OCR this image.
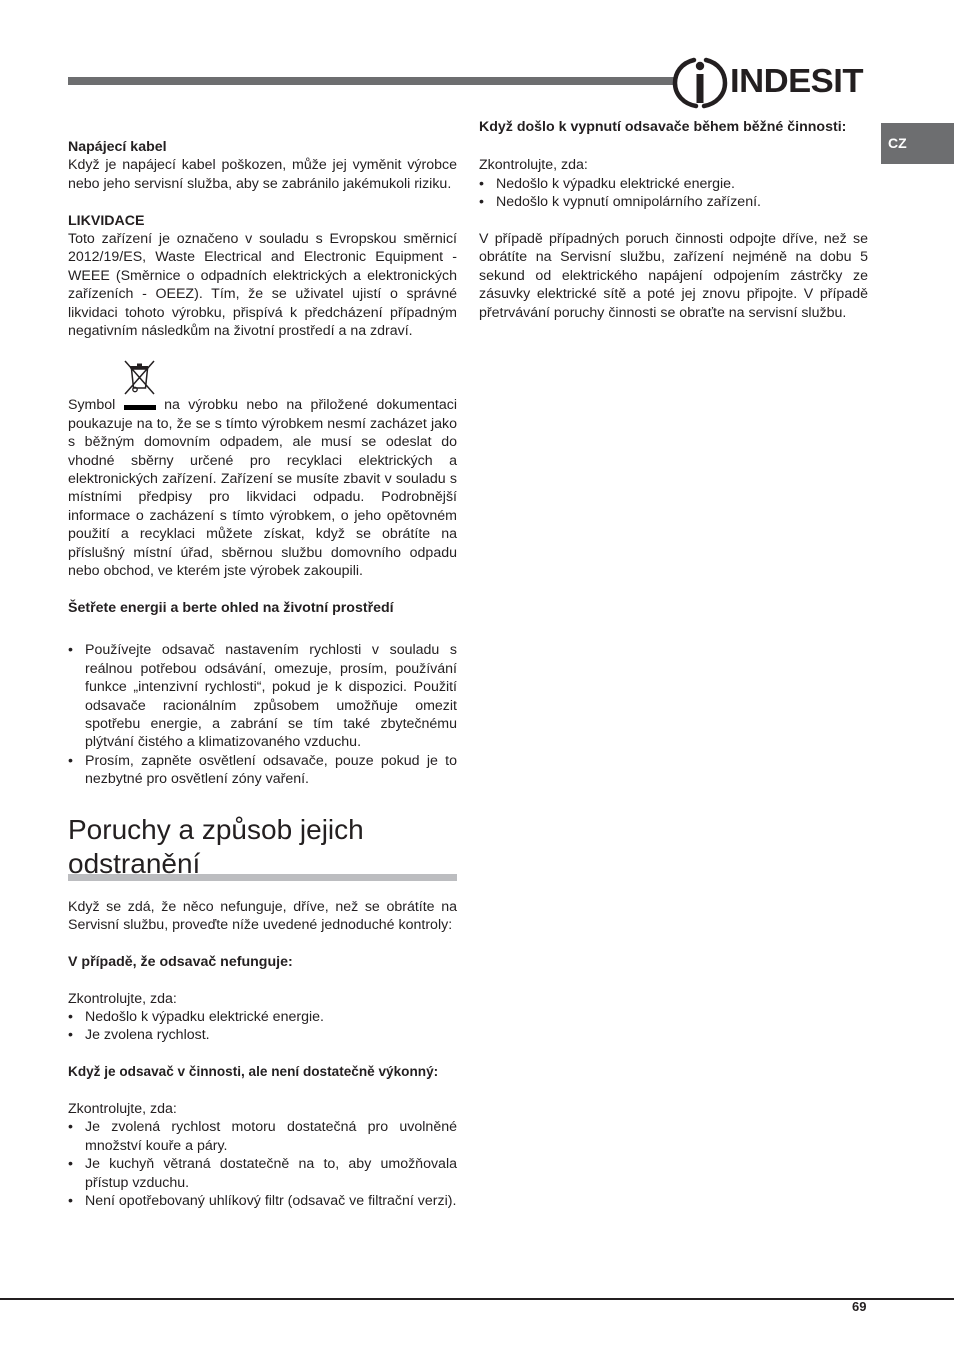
INDESIT
CZ

Napájecí kabel

Když je napájecí kabel poškozen, může jej vyměnit výrobce nebo jeho servisní služba, aby se zabránilo jakémukoli riziku.

LIKVIDACE

Toto zařízení je označeno v souladu s Evropskou směrnicí 2012/19/ES, Waste Electrical and Electronic Equipment - WEEE (Směrnice o odpadních elektrických a elektronických zařízeních - OEEZ). Tím, že se uživatel ujistí o správné likvidaci tohoto výrobku, přispívá k předcházení případným negativním následkům na životní prostředí a na zdraví.

Symbol	na výrobku nebo na přiložené dokumentaci poukazuje na to, že se s tímto výrobkem nesmí zacházet jako s běžným domovním odpadem, ale musí se odeslat do vhodné sběrny určené pro recyklaci elektrických a elektronických zařízení. Zařízení se musíte zbavit v souladu s místními předpisy pro likvidaci odpadu. Podrobnější informace o zacházení s tímto výrobkem, o jeho opětovném použití a recyklaci můžete získat, když se obrátíte na příslušný místní úřad, sběrnou službu domovního odpadu nebo obchod, ve kterém jste výrobek zakoupili.

Šetřete energii a berte ohled na životní prostředí

• Používejte odsavač nastavením rychlosti v souladu s reálnou potřebou odsávání, omezuje, prosím, používání funkce „intenzivní rychlosti“, pokud je k dispozici. Použití odsavače racionálním způsobem umožňuje omezit spotřebu energie, a zabrání se tím také zbytečnému plýtvání čistého a klimatizovaného vzduchu.
• Prosím, zapněte osvětlení odsavače, pouze pokud je to nezbytné pro osvětlení zóny vaření.
Poruchy a způsob jejich
odstranění

Když se zdá, že něco nefunguje, dříve, než se obrátíte na Servisní službu, proveďte níže uvedené jednoduché kontroly:

V případě, že odsavač nefunguje:

Zkontrolujte, zda:

• Nedošlo k výpadku elektrické energie.
• Je zvolena rychlost.

Když je odsavač v činnosti, ale není dostatečně výkonný:

Zkontrolujte, zda:

• Je zvolená rychlost motoru dostatečná pro uvolněné množství kouře a páry.
• Je kuchyň větraná dostatečně na to, aby umožňovala přístup vzduchu.
• Není opotřebovaný uhlíkový filtr (odsavač ve filtrační verzi).

Když došlo k vypnutí odsavače během běžné činnosti:

Zkontrolujte, zda:

• Nedošlo k výpadku elektrické energie.
• Nedošlo k vypnutí omnipolárního zařízení.

V případě případných poruch činnosti odpojte dříve, než se obrátíte na Servisní službu, zařízení nejméně na dobu 5 sekund od elektrického napájení odpojením zástrčky ze zásuvky elektrické sítě a poté jej znovu připojte. V případě přetrvávání poruchy činnosti se obraťte na servisní službu.

69
